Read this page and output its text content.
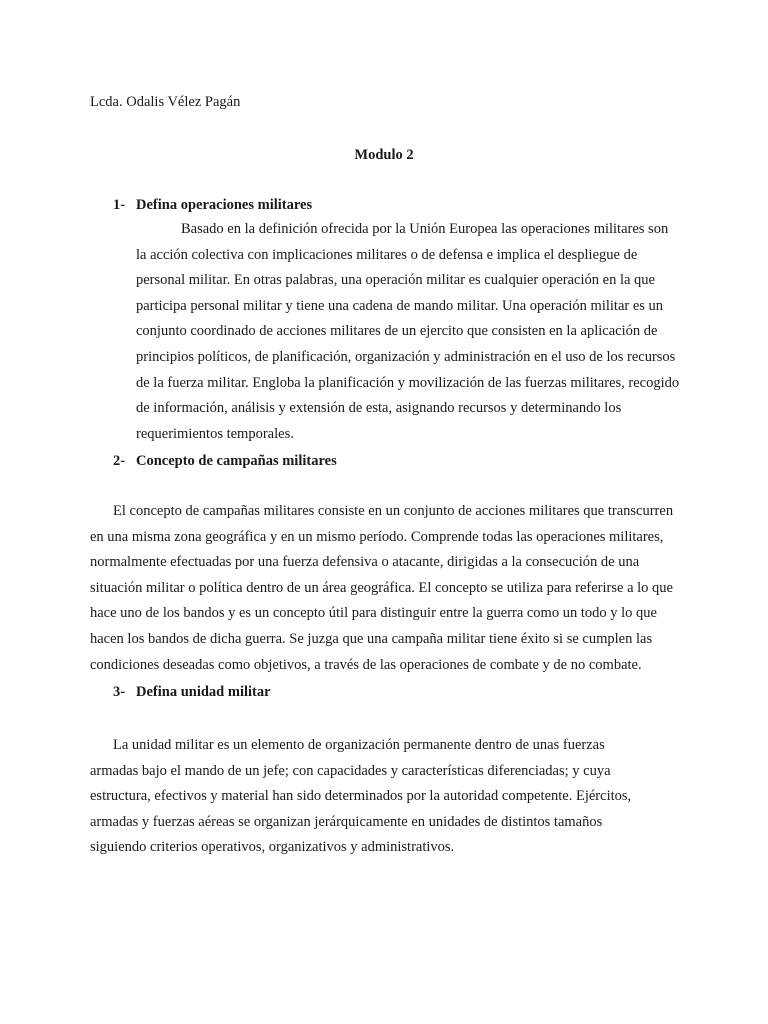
Lcda. Odalis Vélez Pagán
Modulo 2
1- Defina operaciones militares
Basado en la definición ofrecida por la Unión Europea las operaciones militares son
la acción colectiva con implicaciones militares o de defensa e implica el despliegue de
personal militar. En otras palabras, una operación militar es cualquier operación en la que
participa personal militar y tiene una cadena de mando militar. Una operación militar es un
conjunto coordinado de acciones militares de un ejercito que consisten en la aplicación de
principios políticos, de planificación, organización y administración en el uso de los recursos
de la fuerza militar. Engloba la planificación y movilización de las fuerzas militares, recogido
de información, análisis y extensión de esta, asignando recursos y determinando los
requerimientos temporales.
2- Concepto de campañas militares
El concepto de campañas militares consiste en un conjunto de acciones militares que transcurren
en una misma zona geográfica y en un mismo período. Comprende todas las operaciones militares,
normalmente efectuadas por una fuerza defensiva o atacante, dirigidas a la consecución de una
situación militar o política dentro de un área geográfica. El concepto se utiliza para referirse a lo que
hace uno de los bandos y es un concepto útil para distinguir entre la guerra como un todo y lo que
hacen los bandos de dicha guerra. Se juzga que una campaña militar tiene éxito si se cumplen las
condiciones deseadas como objetivos, a través de las operaciones de combate y de no combate.
3- Defina unidad militar
La unidad militar es un elemento de organización permanente dentro de unas fuerzas
armadas bajo el mando de un jefe; con capacidades y características diferenciadas; y cuya
estructura, efectivos y material han sido determinados por la autoridad competente. Ejércitos,
armadas y fuerzas aéreas se organizan jerárquicamente en unidades de distintos tamaños
siguiendo criterios operativos, organizativos y administrativos.
